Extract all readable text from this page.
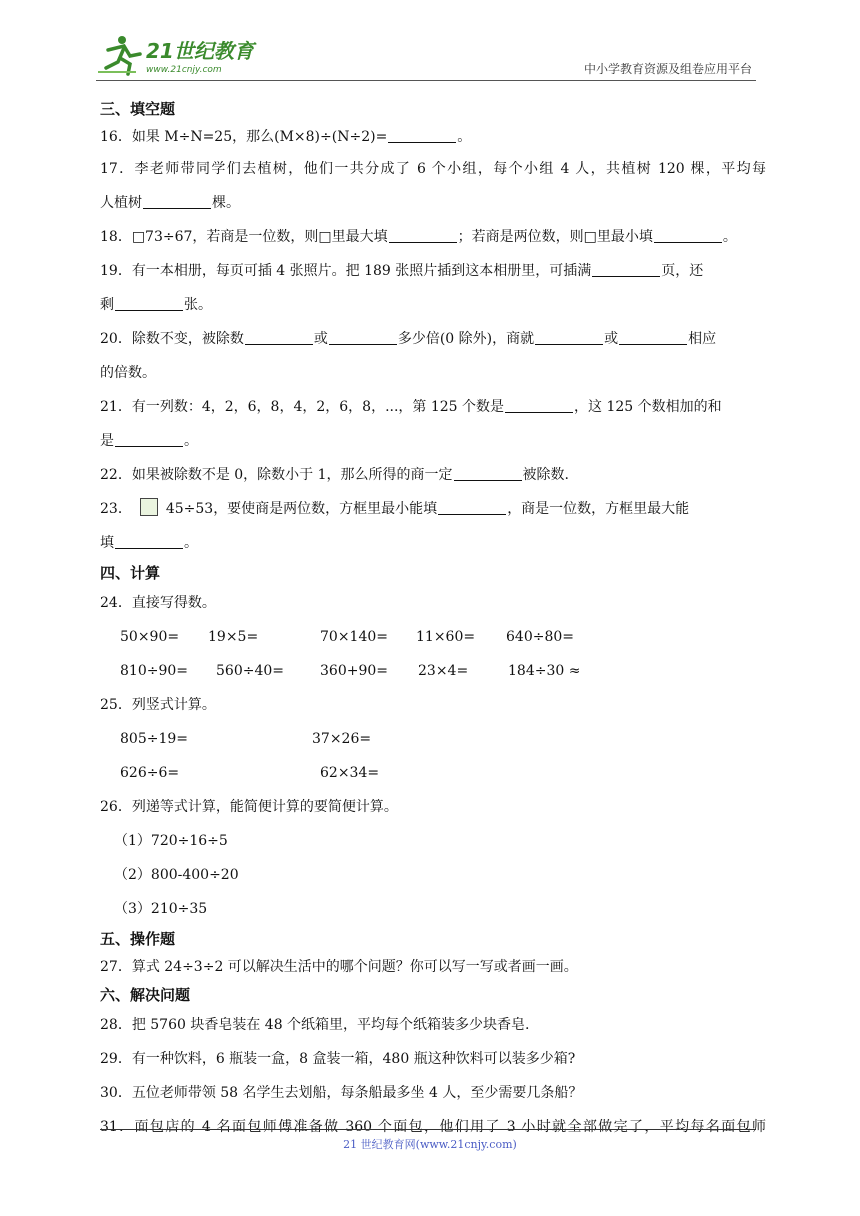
21世纪教育
www.21cnjy.com	中小学教育资源及组卷应用平台
三、填空题
16．如果 M÷N=25，那么(M×8)÷(N÷2)=	。
17．李老师带同学们去植树，他们一共分成了 6 个小组，每个小组 4 人，共植树 120 棵，平均每
人植树	棵。
18．□73÷67，若商是一位数，则□里最大填	；若商是两位数，则□里最小填	。
19．有一本相册，每页可插 4 张照片。把 189 张照片插到这本相册里，可插满	页，还
剩	张。
20．除数不变，被除数	或	多少倍(0 除外)，商就	或	相应
的倍数。
21．有一列数：4，2，6，8，4，2，6，8，...，第 125 个数是	，这 125 个数相加的和
是	。
22．如果被除数不是 0，除数小于 1，那么所得的商一定	被除数.
23． 45÷53，要使商是两位数，方框里最小能填	，商是一位数，方框里最大能
填	。
四、计算
24．直接写得数。
50×90= 19×5=	70×140= 11×60= 640÷80=
810÷90= 560÷40=	360+90= 23×4=	184÷30 ≈
25．列竖式计算。
805÷19=	37×26=
626÷6=	62×34=
26．列递等式计算，能简便计算的要简便计算。
（1）720÷16÷5
（2）800-400÷20
（3）210÷35
五、操作题
27．算式 24÷3÷2 可以解决生活中的哪个问题？你可以写一写或者画一画。
六、解决问题
28．把 5760 块香皂装在 48 个纸箱里，平均每个纸箱装多少块香皂.
29．有一种饮料，6 瓶装一盒，8 盒装一箱，480 瓶这种饮料可以装多少箱?
30．五位老师带领 58 名学生去划船，每条船最多坐 4 人，至少需要几条船？
31．面包店的 4 名面包师傅准备做 360 个面包，他们用了 3 小时就全部做完了，平均每名面包师
21 世纪教育网(www.21cnjy.com)
